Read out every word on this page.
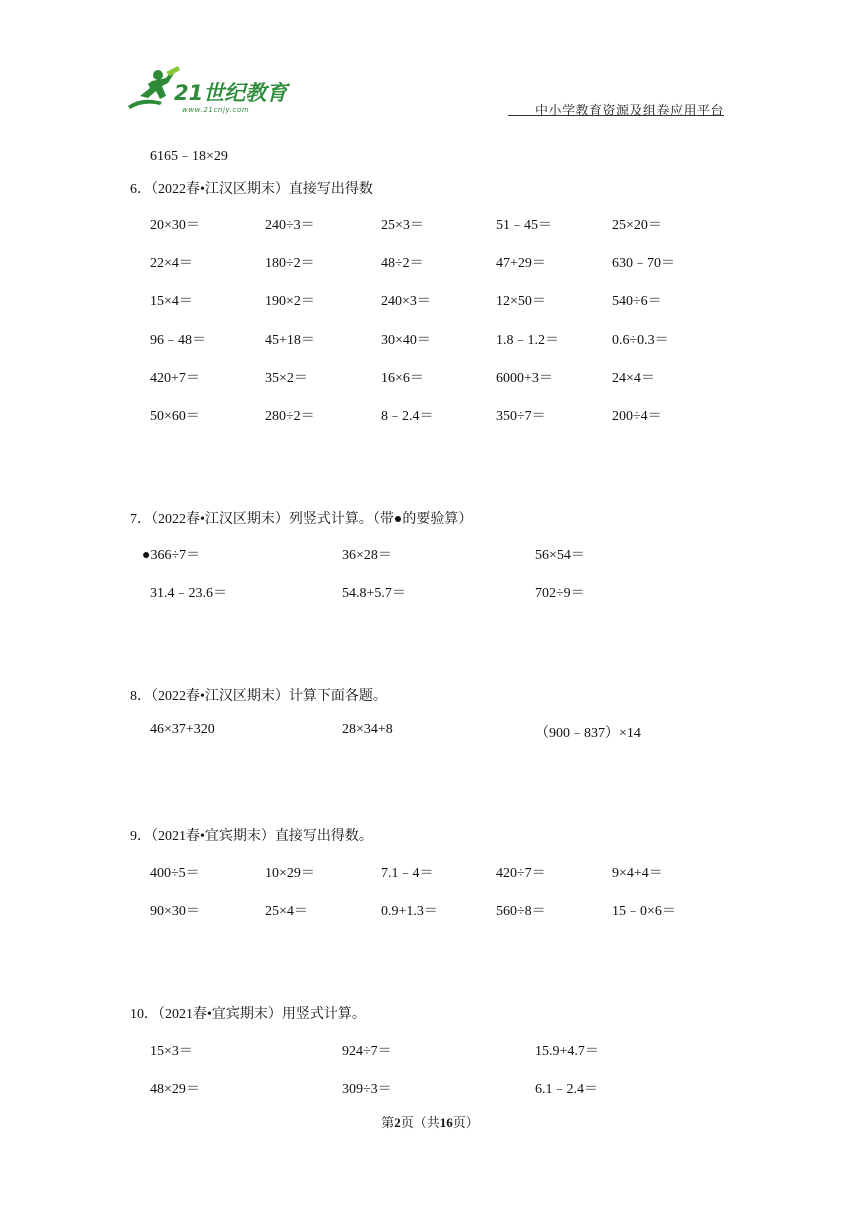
21世纪教育
www.21cnjy.com	中小学教育资源及组卷应用平台
6165﹣18×29
6．（2022春•江汉区期末）直接写出得数
20×30＝	240÷3＝	25×3＝	51﹣45＝	25×20＝
22×4＝	180÷2＝	48÷2＝	47+29＝	630﹣70＝
15×4＝	190×2＝	240×3＝	12×50＝	540÷6＝
96﹣48＝	45+18＝	30×40＝	1.8﹣1.2＝	0.6÷0.3＝
420+7＝	35×2＝	16×6＝	6000+3＝	24×4＝
50×60＝	280÷2＝	8﹣2.4＝	350÷7＝	200÷4＝
7．（2022春•江汉区期末）列竖式计算。（带●的要验算）
●366÷7＝	36×28＝	56×54＝
31.4﹣23.6＝	54.8+5.7＝	702÷9＝
8．（2022春•江汉区期末）计算下面各题。
46×37+320	28×34+8	（900﹣837）×14
9．（2021春•宜宾期末）直接写出得数。
400÷5＝	10×29＝	7.1﹣4＝	420÷7＝	9×4+4＝
90×30＝	25×4＝	0.9+1.3＝	560÷8＝	15﹣0×6＝
10．（2021春•宜宾期末）用竖式计算。
15×3＝	924÷7＝	15.9+4.7＝
48×29＝	309÷3＝	6.1﹣2.4＝
第2页（共16页）
